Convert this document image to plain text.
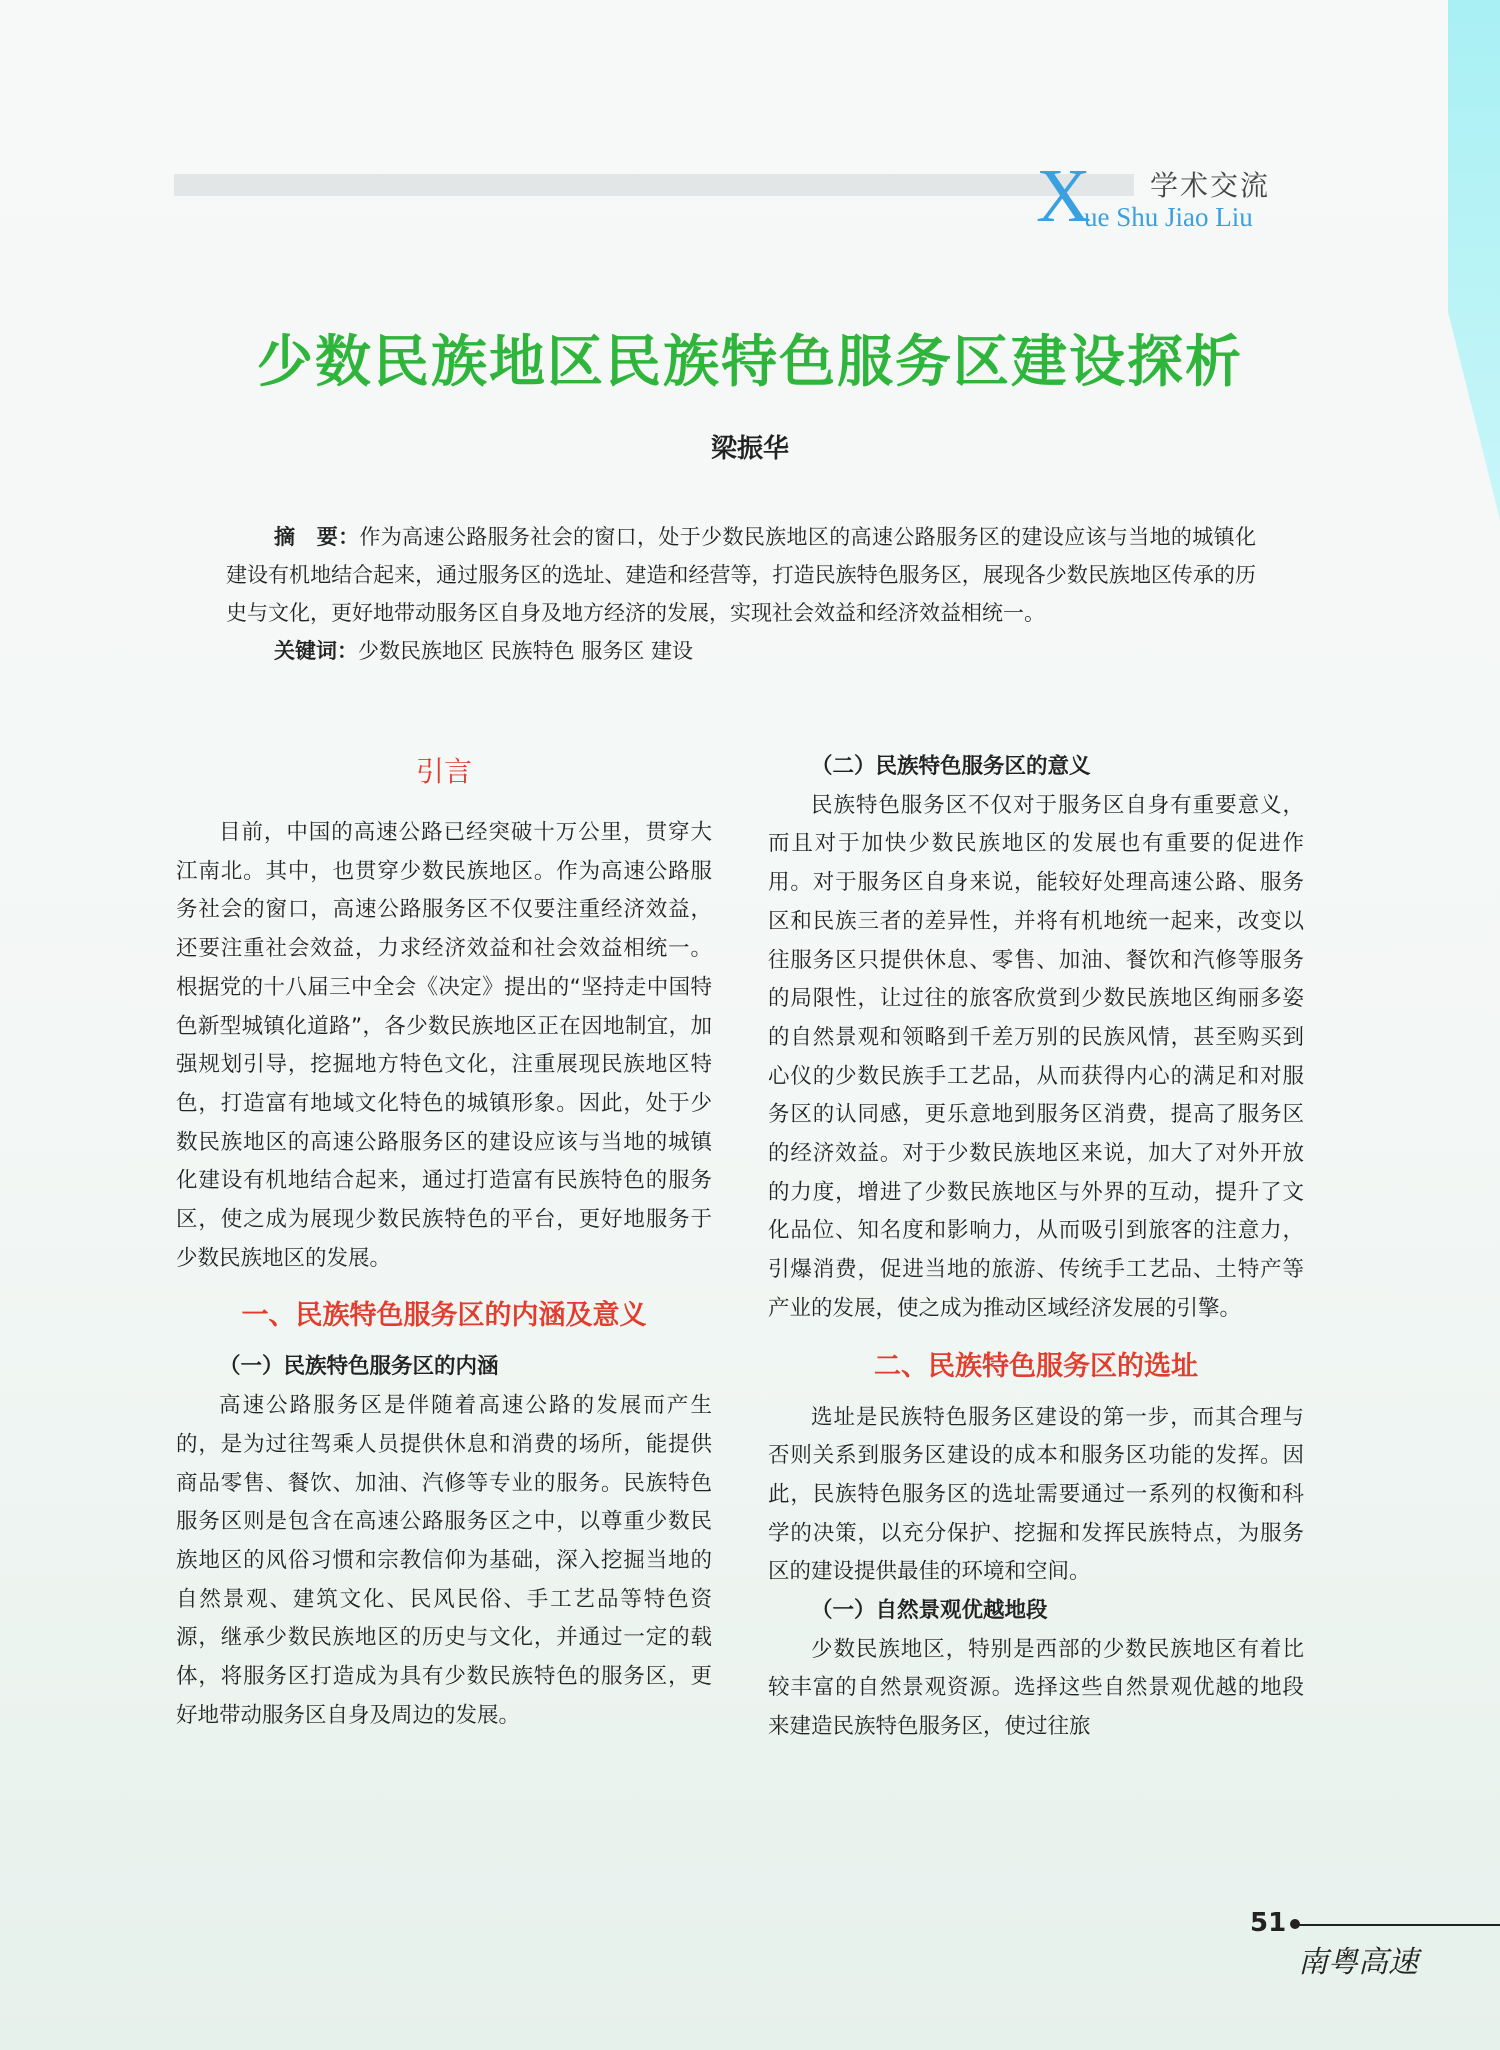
X 学术交流
ue Shu Jiao Liu
少数民族地区民族特色服务区建设探析
梁振华

摘　要：作为高速公路服务社会的窗口，处于少数民族地区的高速公路服务区的建设应该与当地的城镇化建设有机地结合起来，通过服务区的选址、建造和经营等，打造民族特色服务区，展现各少数民族地区传承的历史与文化，更好地带动服务区自身及地方经济的发展，实现社会效益和经济效益相统一。

关键词：少数民族地区 民族特色 服务区 建设

引言

目前，中国的高速公路已经突破十万公里，贯穿大江南北。其中，也贯穿少数民族地区。作为高速公路服务社会的窗口，高速公路服务区不仅要注重经济效益，还要注重社会效益，力求经济效益和社会效益相统一。根据党的十八届三中全会《决定》提出的“坚持走中国特色新型城镇化道路”，各少数民族地区正在因地制宜，加强规划引导，挖掘地方特色文化，注重展现民族地区特色，打造富有地域文化特色的城镇形象。因此，处于少数民族地区的高速公路服务区的建设应该与当地的城镇化建设有机地结合起来，通过打造富有民族特色的服务区，使之成为展现少数民族特色的平台，更好地服务于少数民族地区的发展。

一、民族特色服务区的内涵及意义
（一）民族特色服务区的内涵

高速公路服务区是伴随着高速公路的发展而产生的，是为过往驾乘人员提供休息和消费的场所，能提供商品零售、餐饮、加油、汽修等专业的服务。民族特色服务区则是包含在高速公路服务区之中，以尊重少数民族地区的风俗习惯和宗教信仰为基础，深入挖掘当地的自然景观、建筑文化、民风民俗、手工艺品等特色资源，继承少数民族地区的历史与文化，并通过一定的载体，将服务区打造成为具有少数民族特色的服务区，更好地带动服务区自身及周边的发展。

（二）民族特色服务区的意义

民族特色服务区不仅对于服务区自身有重要意义，而且对于加快少数民族地区的发展也有重要的促进作用。对于服务区自身来说，能较好处理高速公路、服务区和民族三者的差异性，并将有机地统一起来，改变以往服务区只提供休息、零售、加油、餐饮和汽修等服务的局限性，让过往的旅客欣赏到少数民族地区绚丽多姿的自然景观和领略到千差万别的民族风情，甚至购买到心仪的少数民族手工艺品，从而获得内心的满足和对服务区的认同感，更乐意地到服务区消费，提高了服务区的经济效益。对于少数民族地区来说，加大了对外开放的力度，增进了少数民族地区与外界的互动，提升了文化品位、知名度和影响力，从而吸引到旅客的注意力，引爆消费，促进当地的旅游、传统手工艺品、土特产等产业的发展，使之成为推动区域经济发展的引擎。

二、民族特色服务区的选址

选址是民族特色服务区建设的第一步，而其合理与否则关系到服务区建设的成本和服务区功能的发挥。因此，民族特色服务区的选址需要通过一系列的权衡和科学的决策，以充分保护、挖掘和发挥民族特点，为服务区的建设提供最佳的环境和空间。

（一）自然景观优越地段

少数民族地区，特别是西部的少数民族地区有着比较丰富的自然景观资源。选择这些自然景观优越的地段来建造民族特色服务区，使过往旅

51
南粤高速
